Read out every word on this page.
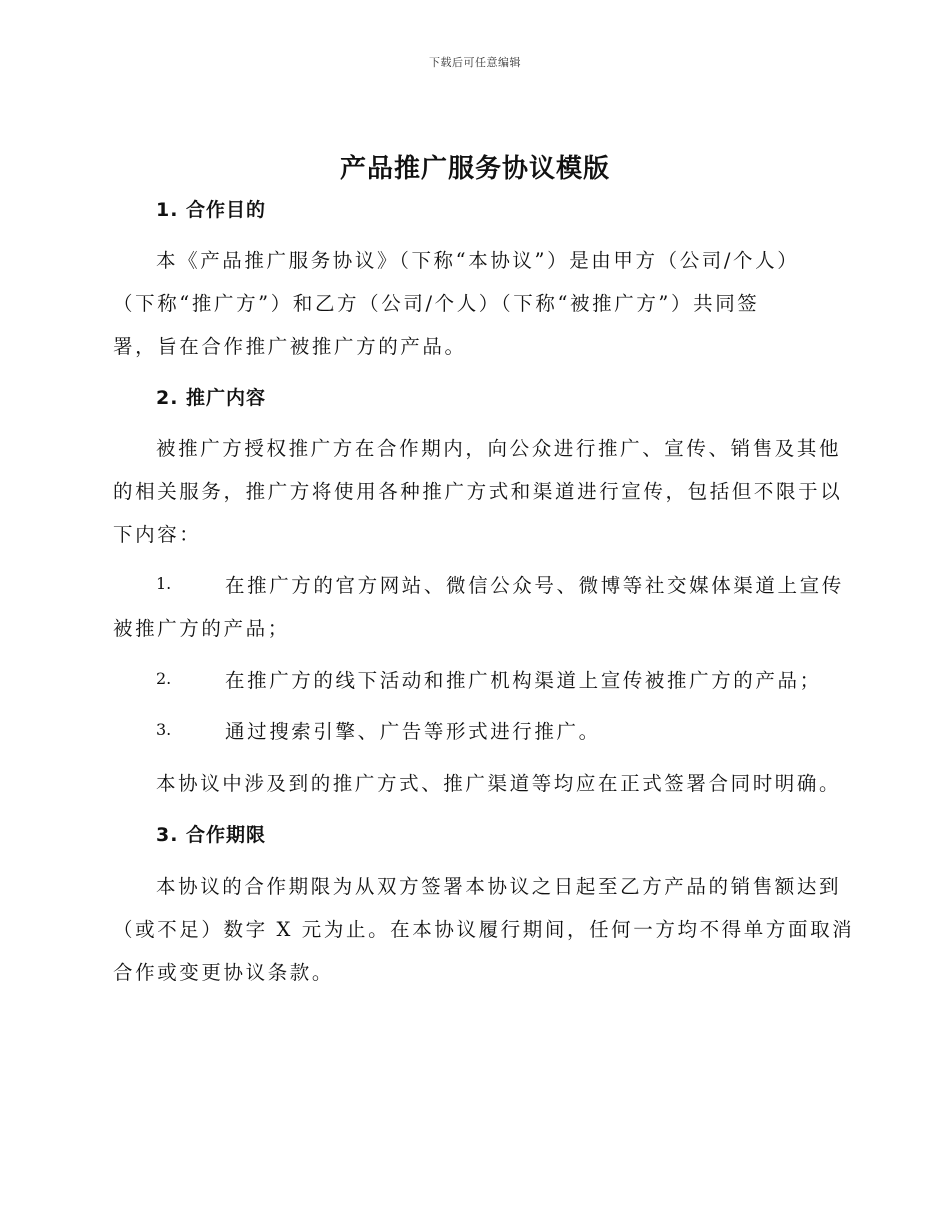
下载后可任意编辑
产品推广服务协议模版
1. 合作目的
本《产品推广服务协议》（下称“本协议”）是由甲方（公司/个人）
（下称“推广方”）和乙方（公司/个人）（下称“被推广方”）共同签
署，旨在合作推广被推广方的产品。
2. 推广内容
被推广方授权推广方在合作期内，向公众进行推广、宣传、销售及其他
的相关服务，推广方将使用各种推广方式和渠道进行宣传，包括但不限于以
下内容：
1.	在推广方的官方网站、微信公众号、微博等社交媒体渠道上宣传
被推广方的产品；
2.	在推广方的线下活动和推广机构渠道上宣传被推广方的产品；
3.	通过搜索引擎、广告等形式进行推广。
本协议中涉及到的推广方式、推广渠道等均应在正式签署合同时明确。
3. 合作期限
本协议的合作期限为从双方签署本协议之日起至乙方产品的销售额达到
（或不足）数字 X 元为止。在本协议履行期间，任何一方均不得单方面取消
合作或变更协议条款。
